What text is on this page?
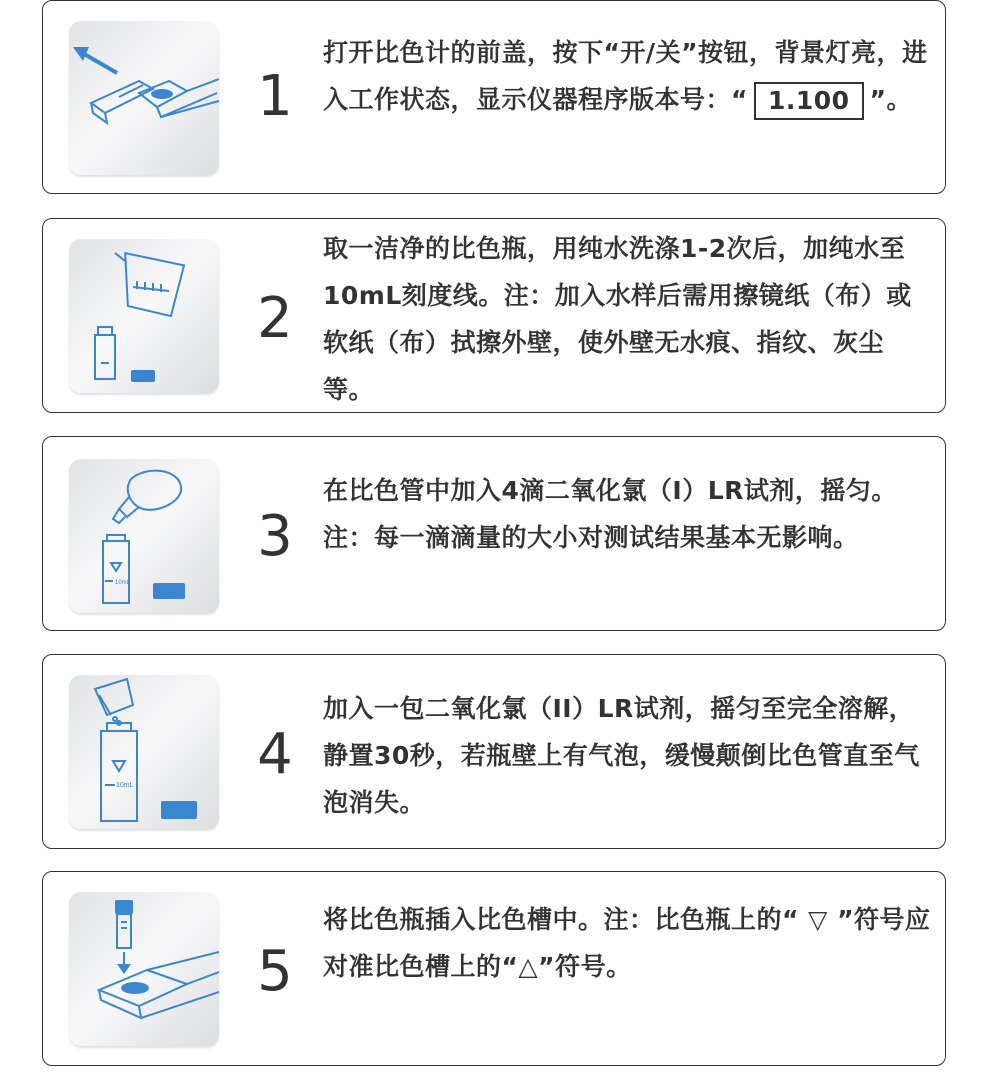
1
打开比色计的前盖，按下“开/关”按钮，背景灯亮，进入工作状态，显示仪器程序版本号：“ 1.100 ”。
2
取一洁净的比色瓶，用纯水洗涤1-2次后，加纯水至10mL刻度线。注：加入水样后需用擦镜纸（布）或软纸（布）拭擦外壁，使外壁无水痕、指纹、灰尘等。
10mL
3
在比色管中加入4滴二氧化氯（I）LR试剂，摇匀。注：每一滴滴量的大小对测试结果基本无影响。
10mL 4
加入一包二氧化氯（II）LR试剂，摇匀至完全溶解，静置30秒，若瓶壁上有气泡，缓慢颠倒比色管直至气泡消失。
5
将比色瓶插入比色槽中。注：比色瓶上的“ ▽ ”符号应对准比色槽上的“△”符号。
